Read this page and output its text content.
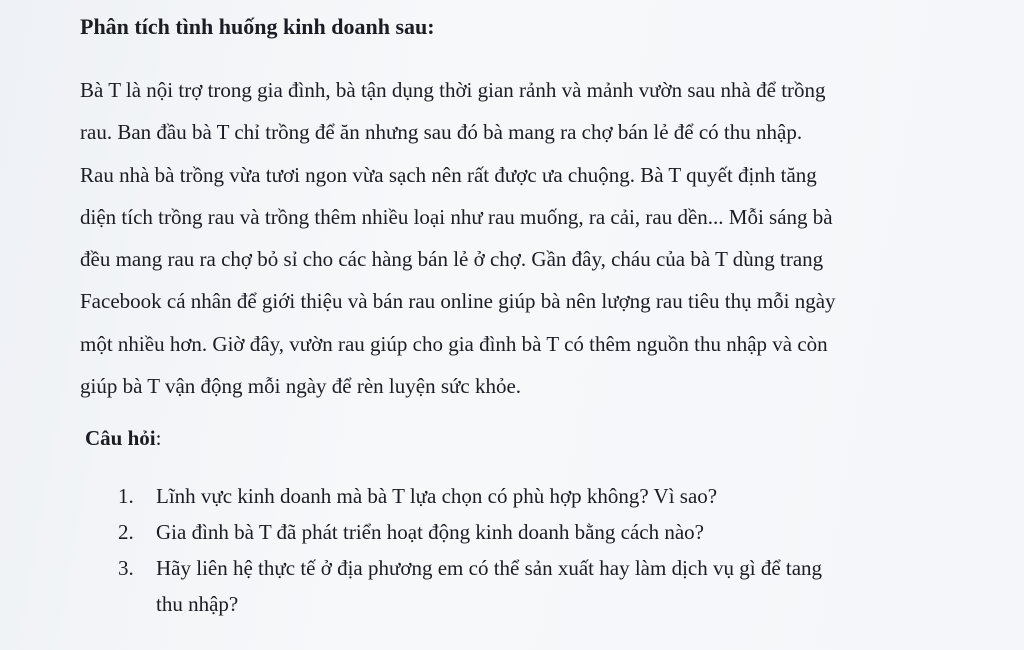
Phân tích tình huống kinh doanh sau:

Bà T là nội trợ trong gia đình, bà tận dụng thời gian rảnh và mảnh vườn sau nhà để trồng
rau. Ban đầu bà T chỉ trồng để ăn nhưng sau đó bà mang ra chợ bán lẻ để có thu nhập.
Rau nhà bà trồng vừa tươi ngon vừa sạch nên rất được ưa chuộng. Bà T quyết định tăng
diện tích trồng rau và trồng thêm nhiều loại như rau muống, ra cải, rau dền... Mỗi sáng bà
đều mang rau ra chợ bỏ sỉ cho các hàng bán lẻ ở chợ. Gần đây, cháu của bà T dùng trang
Facebook cá nhân để giới thiệu và bán rau online giúp bà nên lượng rau tiêu thụ mỗi ngày
một nhiều hơn. Giờ đây, vườn rau giúp cho gia đình bà T có thêm nguồn thu nhập và còn
giúp bà T vận động mỗi ngày để rèn luyện sức khỏe.

Câu hỏi:

1. Lĩnh vực kinh doanh mà bà T lựa chọn có phù hợp không? Vì sao?
2. Gia đình bà T đã phát triển hoạt động kinh doanh bằng cách nào?
3. Hãy liên hệ thực tế ở địa phương em có thể sản xuất hay làm dịch vụ gì để tang
thu nhập?
